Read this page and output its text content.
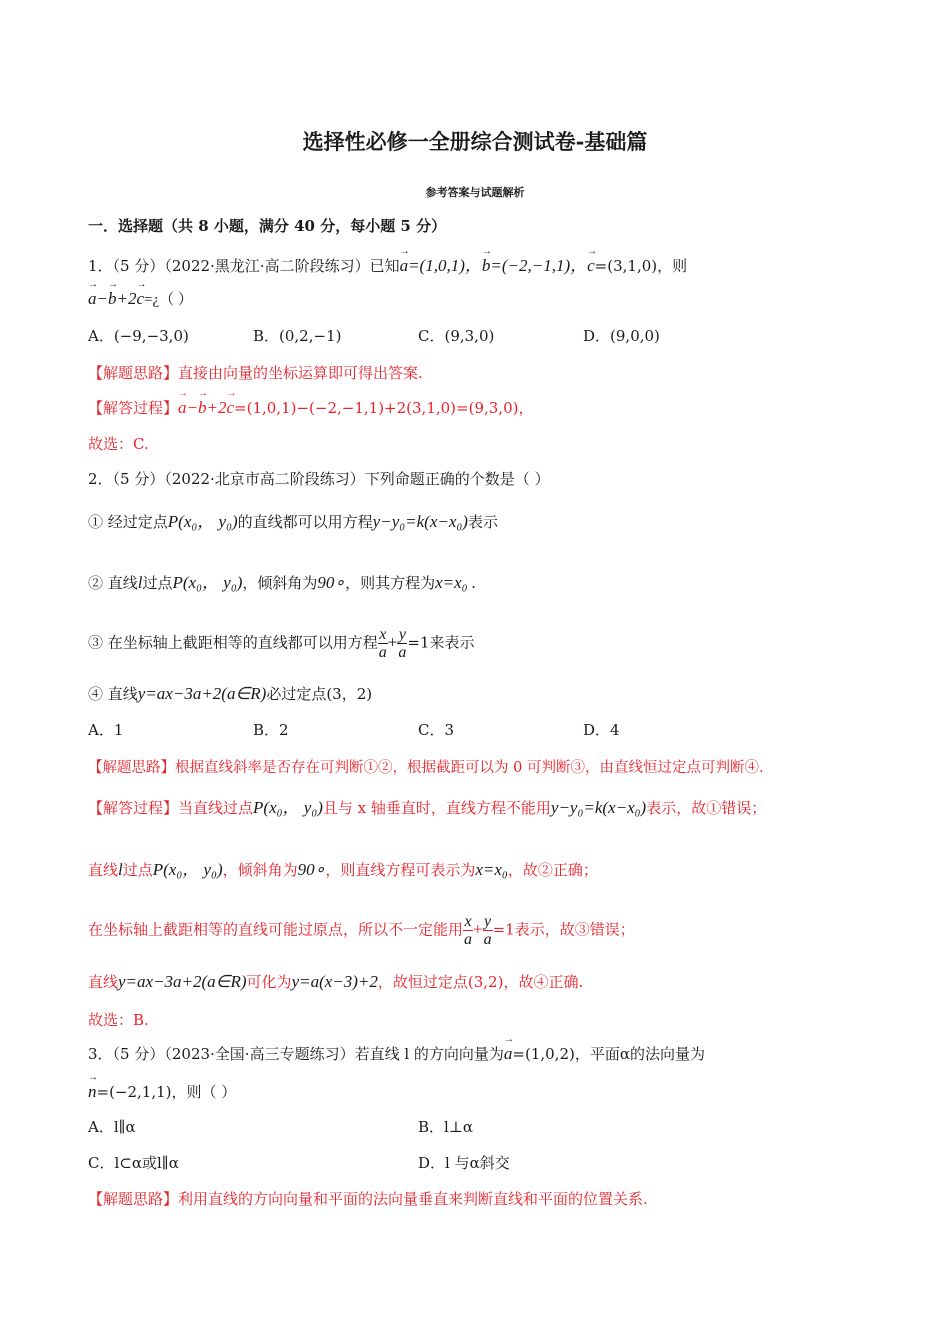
选择性必修一全册综合测试卷-基础篇
参考答案与试题解析
一．选择题（共 8 小题，满分 40 分，每小题 5 分）
1．（5 分）（2022·黑龙江·高二阶段练习）已知→ a=(1,0,1)，→ b=(−2,−1,1)，→ c=(3,1,0)，则
→ a−→ b+2→ c=¿（ ）
A．(−9,−3,0)	B．(0,2,−1)	C．(9,3,0)	D．(9,0,0)
【解题思路】直接由向量的坐标运算即可得出答案.
【解答过程】→ a−→ b+2→ c=(1,0,1)−(−2,−1,1)+2(3,1,0)=(9,3,0)，
故选：C.
2．（5 分）（2022·北京市高二阶段练习）下列命题正确的个数是（ ）
① 经过定点P(x₀， y₀)的直线都可以用方程y−y₀=k(x−x₀)表示
② 直线l过点P(x₀， y₀)，倾斜角为90∘，则其方程为x=x₀ .
③ 在坐标轴上截距相等的直线都可以用方程 $\frac{x}{a} + \frac{y}{a} =1$来表示
④ 直线y=ax−3a+2(a∈R)必过定点(3，2)
A．1	B．2	C．3	D．4
【解题思路】根据直线斜率是否存在可判断①②，根据截距可以为 0 可判断③，由直线恒过定点可判断④.
【解答过程】当直线过点P(x₀， y₀)且与 x 轴垂直时，直线方程不能用y−y₀=k(x−x₀)表示，故①错误；
直线l过点P(x₀， y₀)，倾斜角为90∘，则直线方程可表示为x=x₀，故②正确；
在坐标轴上截距相等的直线可能过原点，所以不一定能用 $\frac{x}{a} + \frac{y}{a} =1$表示，故③错误；
直线y=ax−3a+2(a∈R)可化为y=a(x−3)+2，故恒过定点(3,2)，故④正确.
故选：B.
3．（5 分）（2023·全国·高三专题练习）若直线 l 的方向向量为→ a=(1,0,2)，平面α的法向量为
→ n=(−2,1,1)，则（ ）
A．l∥α	B．l⊥α
C．l⊂α或l∥α	D．l 与α斜交
【解题思路】利用直线的方向向量和平面的法向量垂直来判断直线和平面的位置关系.
